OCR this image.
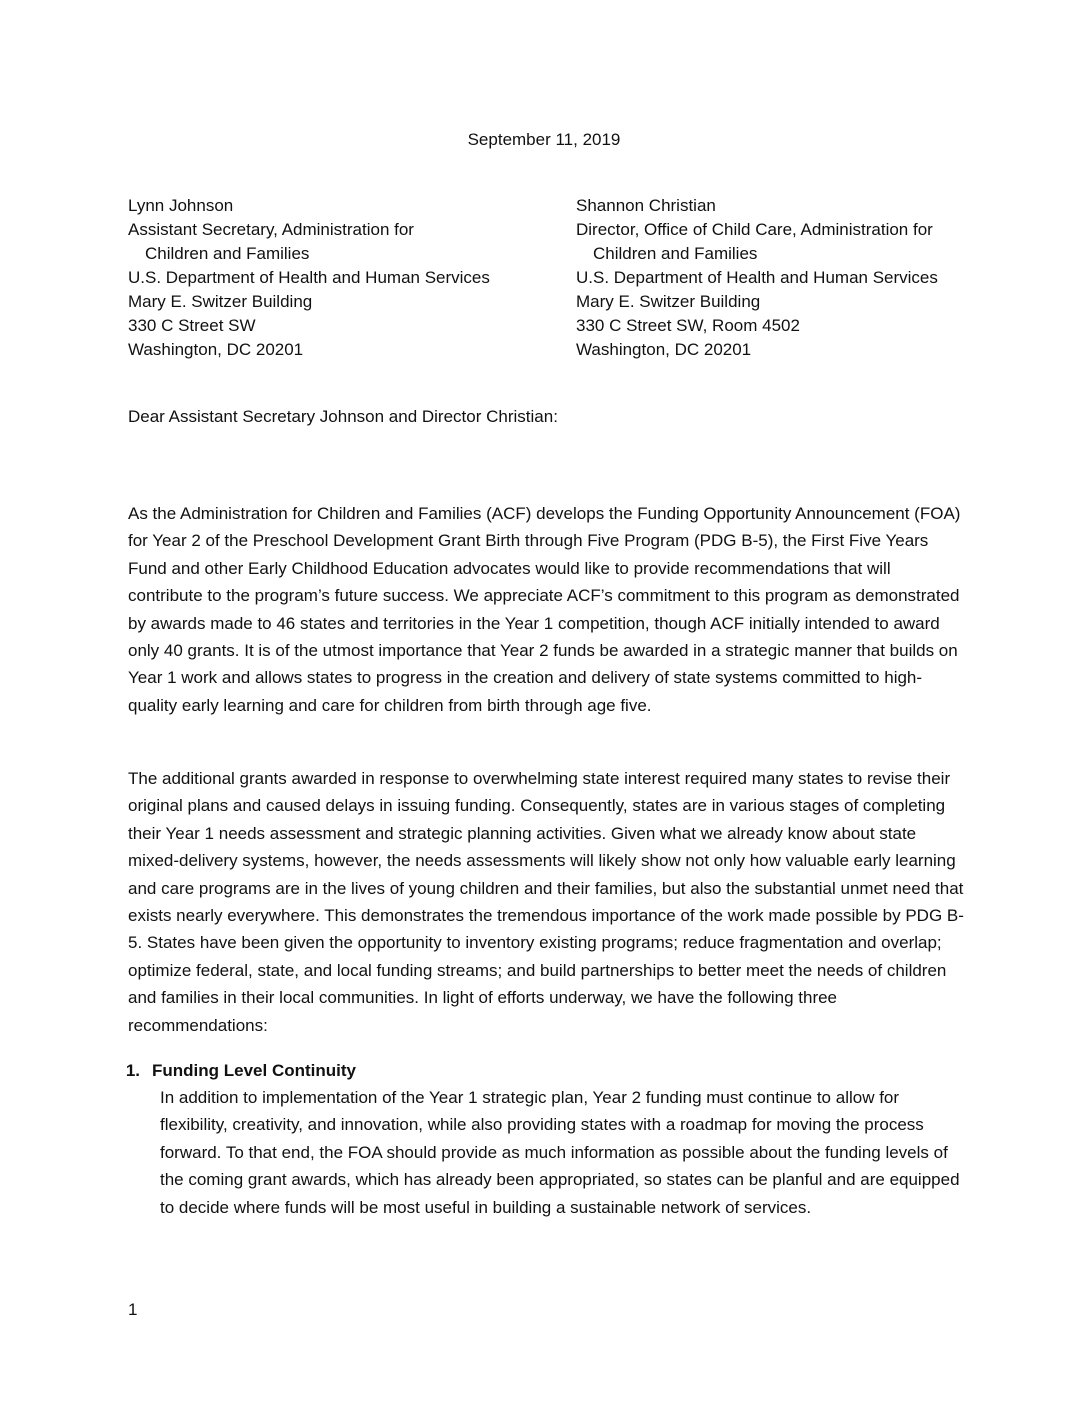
September 11, 2019
Lynn Johnson
Assistant Secretary, Administration for
Children and Families
U.S. Department of Health and Human Services
Mary E. Switzer Building
330 C Street SW
Washington, DC 20201
Shannon Christian
Director, Office of Child Care, Administration for
Children and Families
U.S. Department of Health and Human Services
Mary E. Switzer Building
330 C Street SW, Room 4502
Washington, DC 20201
Dear Assistant Secretary Johnson and Director Christian:
As the Administration for Children and Families (ACF) develops the Funding Opportunity Announcement (FOA) for Year 2 of the Preschool Development Grant Birth through Five Program (PDG B-5), the First Five Years Fund and other Early Childhood Education advocates would like to provide recommendations that will contribute to the program’s future success. We appreciate ACF’s commitment to this program as demonstrated by awards made to 46 states and territories in the Year 1 competition, though ACF initially intended to award only 40 grants. It is of the utmost importance that Year 2 funds be awarded in a strategic manner that builds on Year 1 work and allows states to progress in the creation and delivery of state systems committed to high-quality early learning and care for children from birth through age five.
The additional grants awarded in response to overwhelming state interest required many states to revise their original plans and caused delays in issuing funding. Consequently, states are in various stages of completing their Year 1 needs assessment and strategic planning activities. Given what we already know about state mixed-delivery systems, however, the needs assessments will likely show not only how valuable early learning and care programs are in the lives of young children and their families, but also the substantial unmet need that exists nearly everywhere. This demonstrates the tremendous importance of the work made possible by PDG B-5. States have been given the opportunity to inventory existing programs; reduce fragmentation and overlap; optimize federal, state, and local funding streams; and build partnerships to better meet the needs of children and families in their local communities. In light of efforts underway, we have the following three recommendations:
1. Funding Level Continuity
In addition to implementation of the Year 1 strategic plan, Year 2 funding must continue to allow for flexibility, creativity, and innovation, while also providing states with a roadmap for moving the process forward. To that end, the FOA should provide as much information as possible about the funding levels of the coming grant awards, which has already been appropriated, so states can be planful and are equipped to decide where funds will be most useful in building a sustainable network of services.
1
